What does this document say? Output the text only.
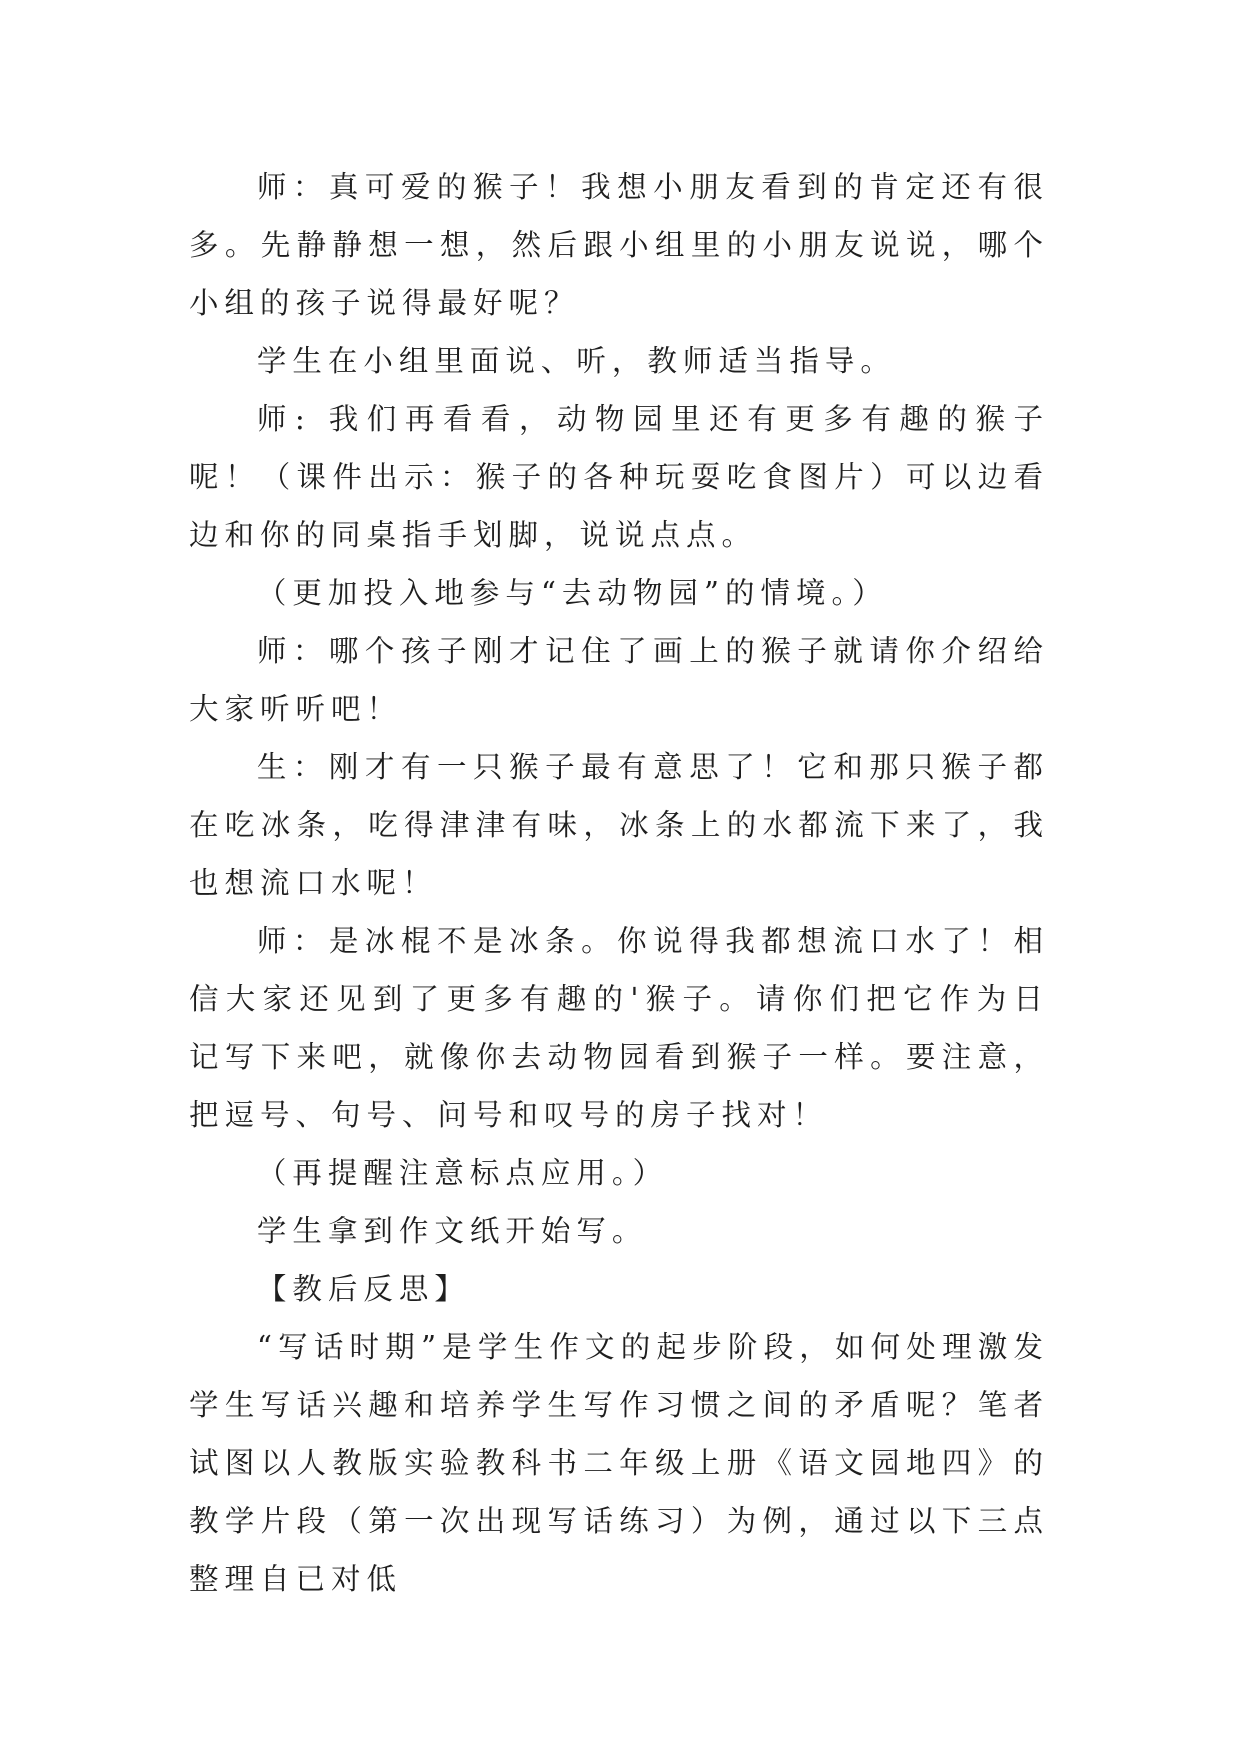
师：真可爱的猴子！我想小朋友看到的肯定还有很多。先静静想一想，然后跟小组里的小朋友说说，哪个小组的孩子说得最好呢？

学生在小组里面说、听，教师适当指导。

师: 我们再看看，动物园里还有更多有趣的猴子呢！（课件出示：猴子的各种玩耍吃食图片）可以边看边和你的同桌指手划脚，说说点点。

（更加投入地参与“去动物园”的情境。）

师：哪个孩子刚才记住了画上的猴子就请你介绍给大家听听吧！

生：刚才有一只猴子最有意思了！它和那只猴子都在吃冰条，吃得津津有味，冰条上的水都流下来了，我也想流口水呢！

师：是冰棍不是冰条。你说得我都想流口水了！相信大家还见到了更多有趣的'猴子。请你们把它作为日记写下来吧，就像你去动物园看到猴子一样。要注意，把逗号、句号、问号和叹号的房子找对！

（再提醒注意标点应用。）

学生拿到作文纸开始写。

【教后反思】

“写话时期”是学生作文的起步阶段，如何处理激发学生写话兴趣和培养学生写作习惯之间的矛盾呢？笔者试图以人教版实验教科书二年级上册《语文园地四》的教学片段（第一次出现写话练习）为例，通过以下三点整理自已对低
